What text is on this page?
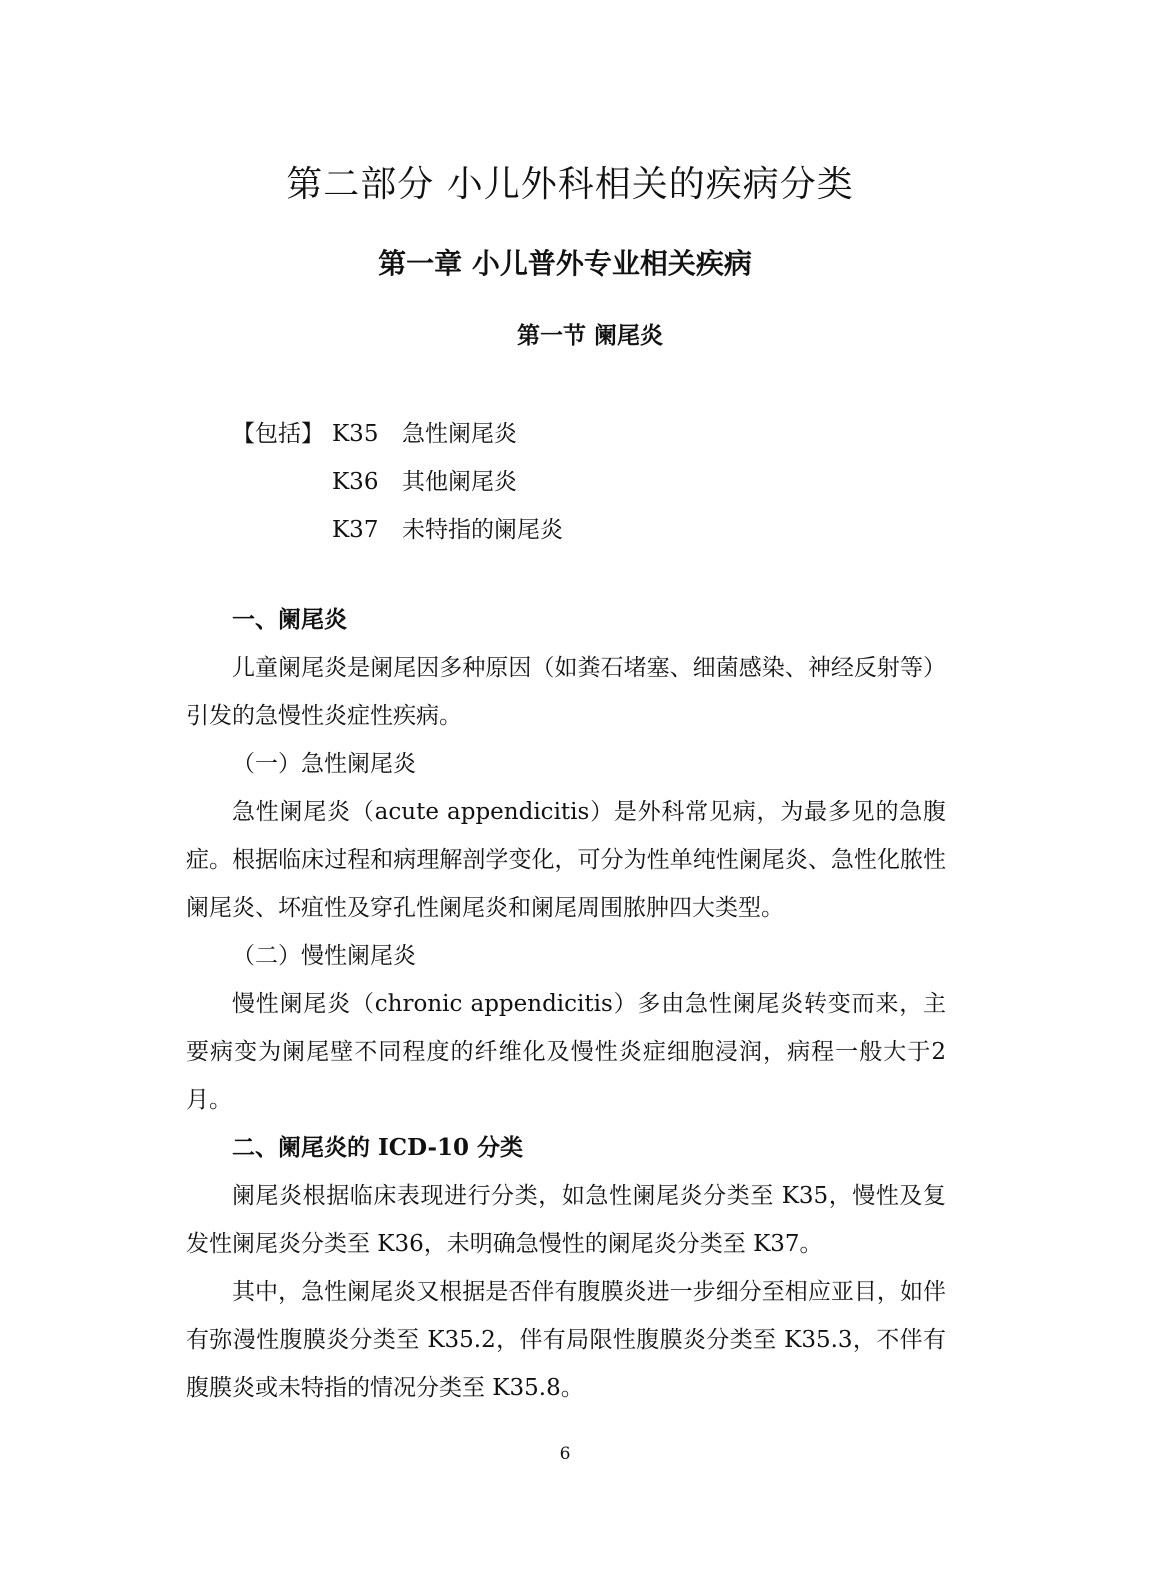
第二部分 小儿外科相关的疾病分类
第一章 小儿普外专业相关疾病
第一节 阑尾炎
【包括】 K35	急性阑尾炎
K36	其他阑尾炎
K37	未特指的阑尾炎
一、阑尾炎

儿童阑尾炎是阑尾因多种原因（如粪石堵塞、细菌感染、神经反射等）引发的急慢性炎症性疾病。

（一）急性阑尾炎

急性阑尾炎（acute appendicitis）是外科常见病，为最多见的急腹症。根据临床过程和病理解剖学变化，可分为性单纯性阑尾炎、急性化脓性阑尾炎、坏疽性及穿孔性阑尾炎和阑尾周围脓肿四大类型。

（二）慢性阑尾炎

慢性阑尾炎（chronic appendicitis）多由急性阑尾炎转变而来，主要病变为阑尾壁不同程度的纤维化及慢性炎症细胞浸润，病程一般大于2月。

二、阑尾炎的 ICD-10 分类

阑尾炎根据临床表现进行分类，如急性阑尾炎分类至 K35，慢性及复发性阑尾炎分类至 K36，未明确急慢性的阑尾炎分类至 K37。

其中，急性阑尾炎又根据是否伴有腹膜炎进一步细分至相应亚目，如伴有弥漫性腹膜炎分类至 K35.2，伴有局限性腹膜炎分类至 K35.3，不伴有腹膜炎或未特指的情况分类至 K35.8。

6
